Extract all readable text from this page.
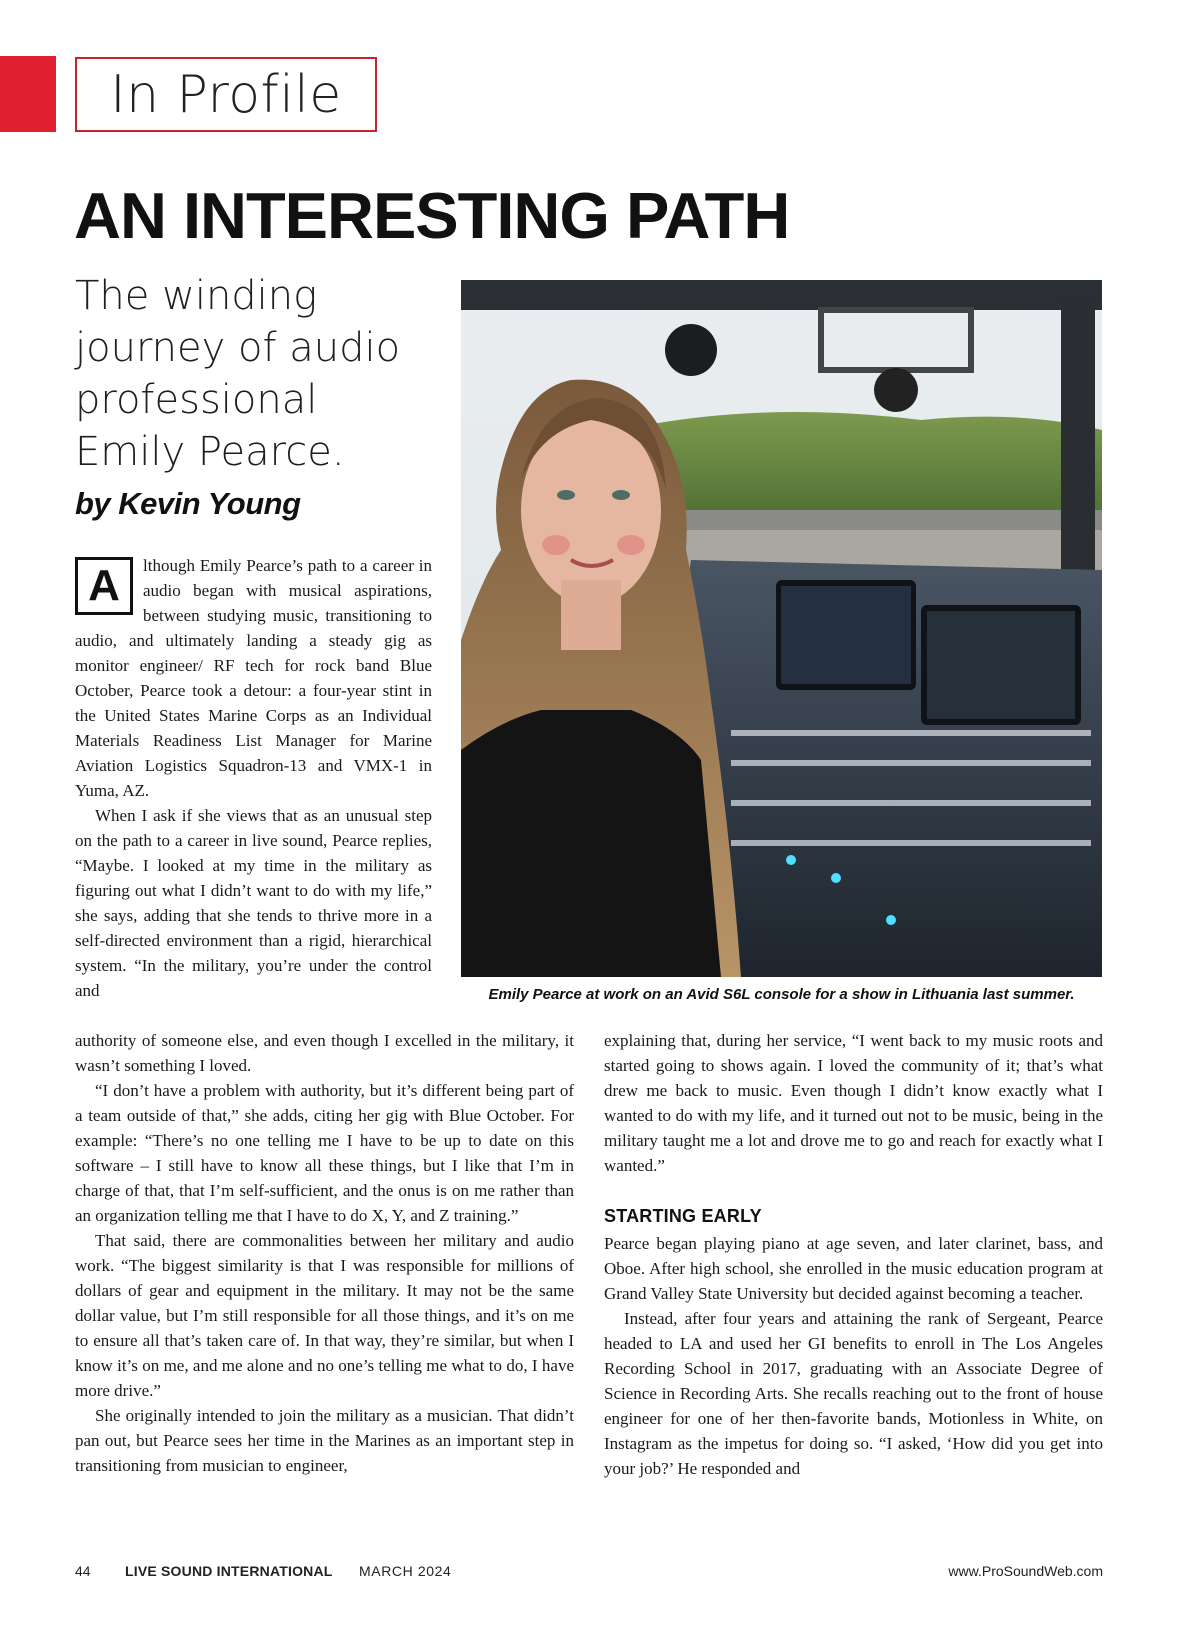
In Profile
AN INTERESTING PATH

The winding journey of audio professional Emily Pearce.

by Kevin Young

A	lthough Emily Pearce’s path to a career in audio began with musical aspirations, between studying music, transitioning to audio, and ultimately landing a steady gig as monitor engineer/ RF tech for rock band Blue October, Pearce took a detour: a four-year stint in the United States Marine Corps as an Individual Materials Readiness List Manager for Marine Aviation Logistics Squadron-13 and VMX-1 in Yuma, AZ.

When I ask if she views that as an unusual step on the path to a career in live sound, Pearce replies, “Maybe. I looked at my time in the military as figuring out what I didn’t want to do with my life,” she says, adding that she tends to thrive more in a self-directed environment than a rigid, hierarchical system. “In the military, you’re under the control and	Emily Pearce at work on an Avid S6L console for a show in Lithuania last summer.

authority of someone else, and even though I excelled in the military, it wasn’t something I loved.

“I don’t have a problem with authority, but it’s different being part of a team outside of that,” she adds, citing her gig with Blue October. For example: “There’s no one telling me I have to be up to date on this software – I still have to know all these things, but I like that I’m in charge of that, that I’m self-sufficient, and the onus is on me rather than an organization telling me that I have to do X, Y, and Z training.”

That said, there are commonalities between her military and audio work. “The biggest similarity is that I was responsible for millions of dollars of gear and equipment in the military. It may not be the same dollar value, but I’m still responsible for all those things, and it’s on me to ensure all that’s taken care of. In that way, they’re similar, but when I know it’s on me, and me alone and no one’s telling me what to do, I have more drive.”

She originally intended to join the military as a musician. That didn’t pan out, but Pearce sees her time in the Marines as an important step in transitioning from musician to engineer,

explaining that, during her service, “I went back to my music roots and started going to shows again. I loved the community of it; that’s what drew me back to music. Even though I didn’t know exactly what I wanted to do with my life, and it turned out not to be music, being in the military taught me a lot and drove me to go and reach for exactly what I wanted.”

STARTING EARLY

Pearce began playing piano at age seven, and later clarinet, bass, and Oboe. After high school, she enrolled in the music education program at Grand Valley State University but decided against becoming a teacher.

Instead, after four years and attaining the rank of Sergeant, Pearce headed to LA and used her GI benefits to enroll in The Los Angeles Recording School in 2017, graduating with an Associate Degree of Science in Recording Arts. She recalls reaching out to the front of house engineer for one of her then-favorite bands, Motionless in White, on Instagram as the impetus for doing so. “I asked, ‘How did you get into your job?’ He responded and

44 LIVE SOUND INTERNATIONAL MARCH 2024	www.ProSoundWeb.com
